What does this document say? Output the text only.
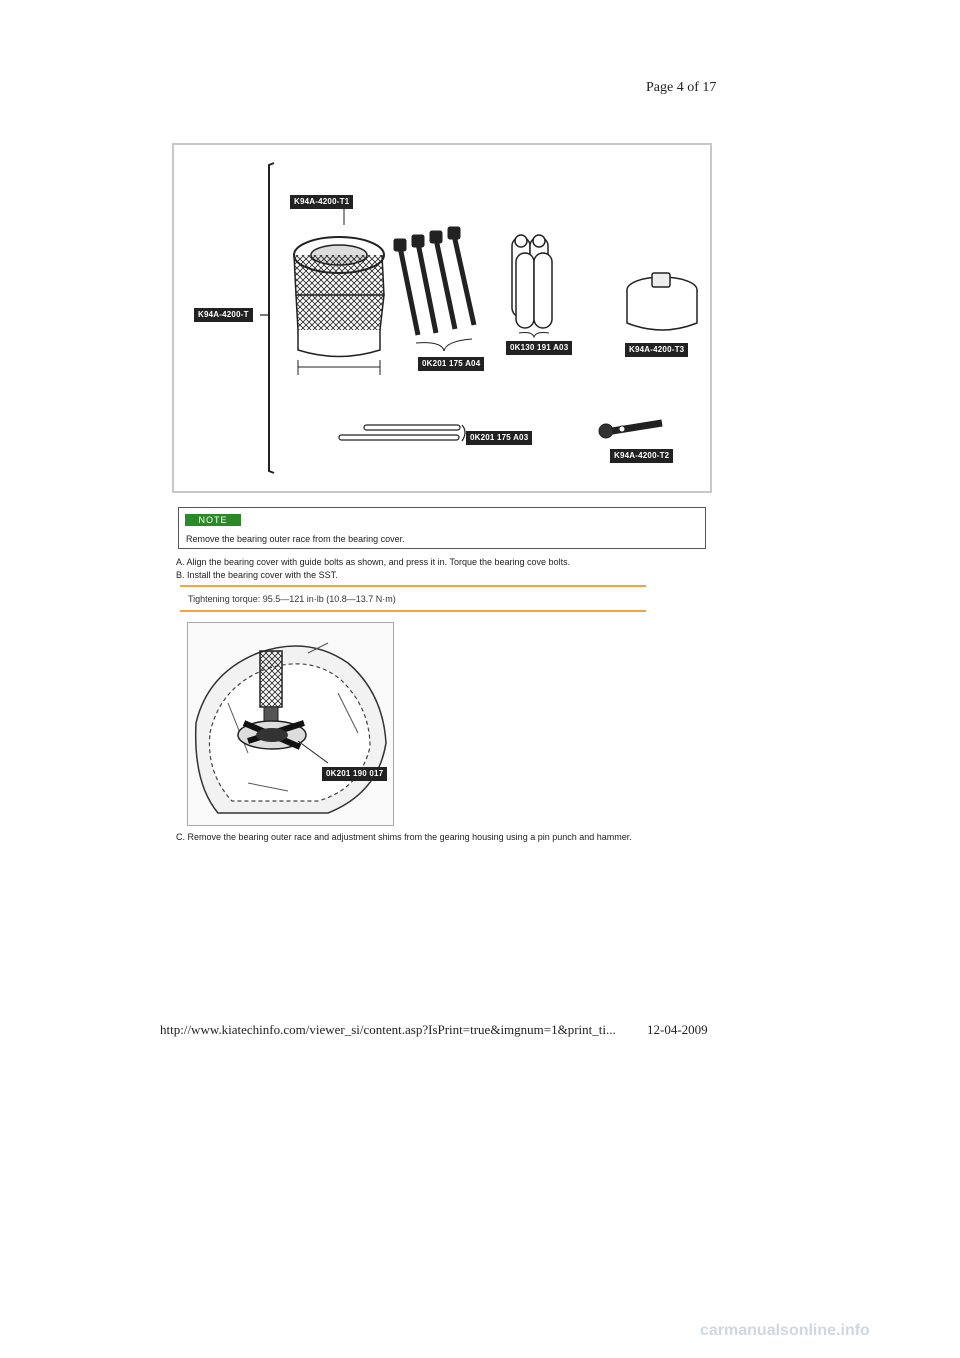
Page 4 of 17
K94A-4200-T
K94A-4200-T1
0K201 175 A04
0K130 191 A03	K94A-4200-T3
0K201 175 A03
K94A-4200-T2
NOTE
Remove the bearing outer race from the bearing cover.
A. Align the bearing cover with guide bolts as shown, and press it in. Torque the bearing cove bolts.
B. Install the bearing cover with the SST.
Tightening torque: 95.5—121 in·lb (10.8—13.7 N·m)
0K201 190 017
C. Remove the bearing outer race and adjustment shims from the gearing housing using a pin punch and hammer.
http://www.kiatechinfo.com/viewer_si/content.asp?IsPrint=true&imgnum=1&print_ti... 12-04-2009
carmanualsonline.info
